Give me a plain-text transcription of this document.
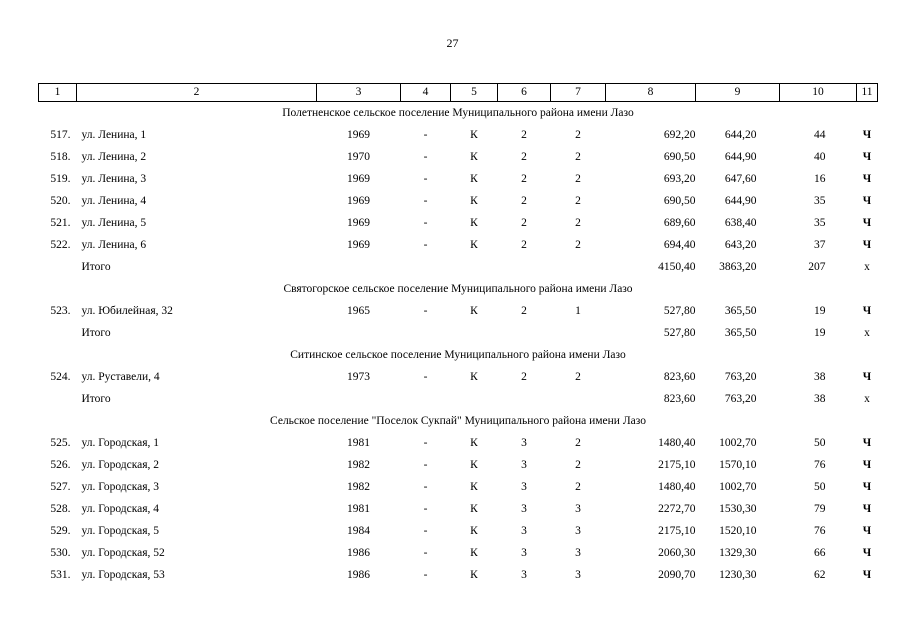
27
1	2	3	4	5	6	7	8	9	10	11
Полетненское сельское поселение Муниципального района имени Лазо										
517.	ул. Ленина, 1	1969	-	К	2	2	692,20	644,20	44	Ч
518.	ул. Ленина, 2	1970	-	К	2	2	690,50	644,90	40	Ч
519.	ул. Ленина, 3	1969	-	К	2	2	693,20	647,60	16	Ч
520.	ул. Ленина, 4	1969	-	К	2	2	690,50	644,90	35	Ч
521.	ул. Ленина, 5	1969	-	К	2	2	689,60	638,40	35	Ч
522.	ул. Ленина, 6	1969	-	К	2	2	694,40	643,20	37	Ч
	Итого						4150,40	3863,20	207	х
Святогорское сельское поселение Муниципального района имени Лазо										
523.	ул. Юбилейная, 32	1965	-	К	2	1	527,80	365,50	19	Ч
	Итого						527,80	365,50	19	х
Ситинское сельское поселение Муниципального района имени Лазо										
524.	ул. Руставели, 4	1973	-	К	2	2	823,60	763,20	38	Ч
	Итого						823,60	763,20	38	х
Сельское поселение "Поселок Сукпай" Муниципального района имени Лазо										
525.	ул. Городская, 1	1981	-	К	3	2	1480,40	1002,70	50	Ч
526.	ул. Городская, 2	1982	-	К	3	2	2175,10	1570,10	76	Ч
527.	ул. Городская, 3	1982	-	К	3	2	1480,40	1002,70	50	Ч
528.	ул. Городская, 4	1981	-	К	3	3	2272,70	1530,30	79	Ч
529.	ул. Городская, 5	1984	-	К	3	3	2175,10	1520,10	76	Ч
530.	ул. Городская, 52	1986	-	К	3	3	2060,30	1329,30	66	Ч
531.	ул. Городская, 53	1986	-	К	3	3	2090,70	1230,30	62	Ч
